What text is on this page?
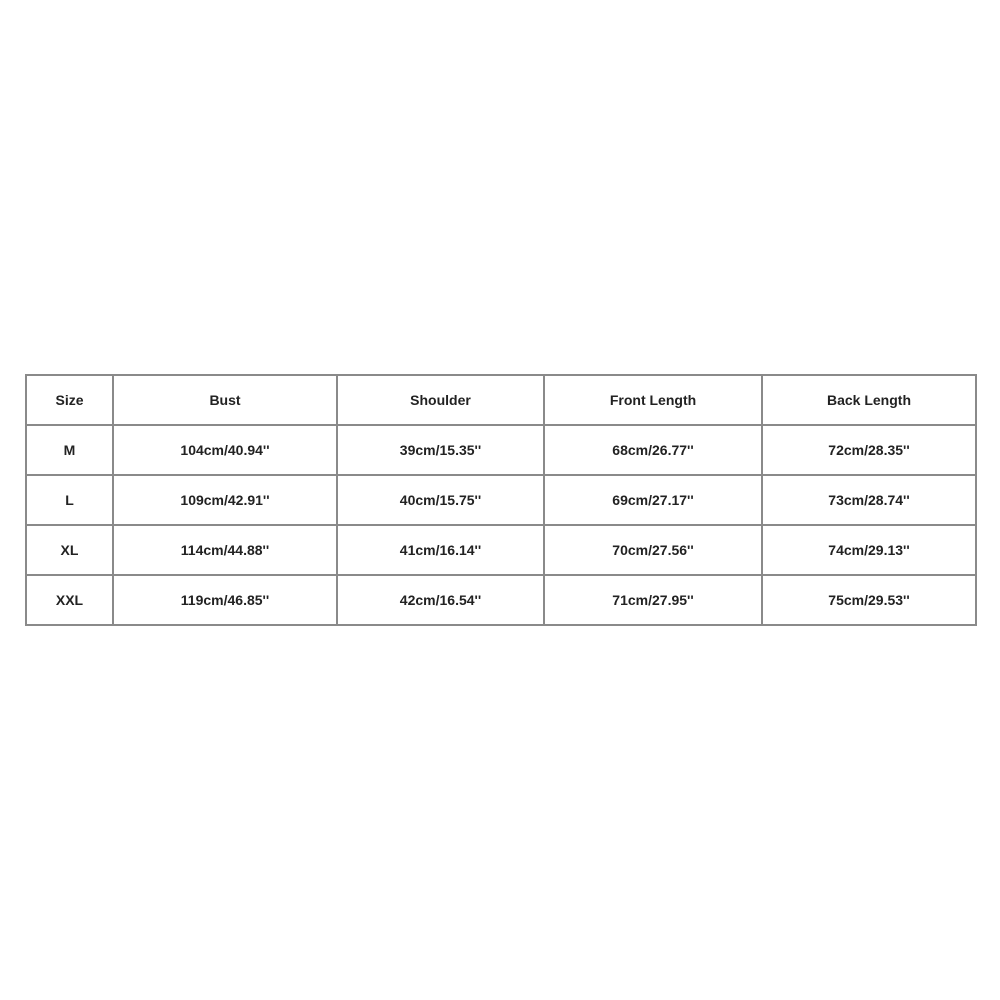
Size	Bust	Shoulder	Front Length	Back Length
M	104cm/40.94''	39cm/15.35''	68cm/26.77''	72cm/28.35''
L	109cm/42.91''	40cm/15.75''	69cm/27.17''	73cm/28.74''
XL	114cm/44.88''	41cm/16.14''	70cm/27.56''	74cm/29.13''
XXL	119cm/46.85''	42cm/16.54''	71cm/27.95''	75cm/29.53''
